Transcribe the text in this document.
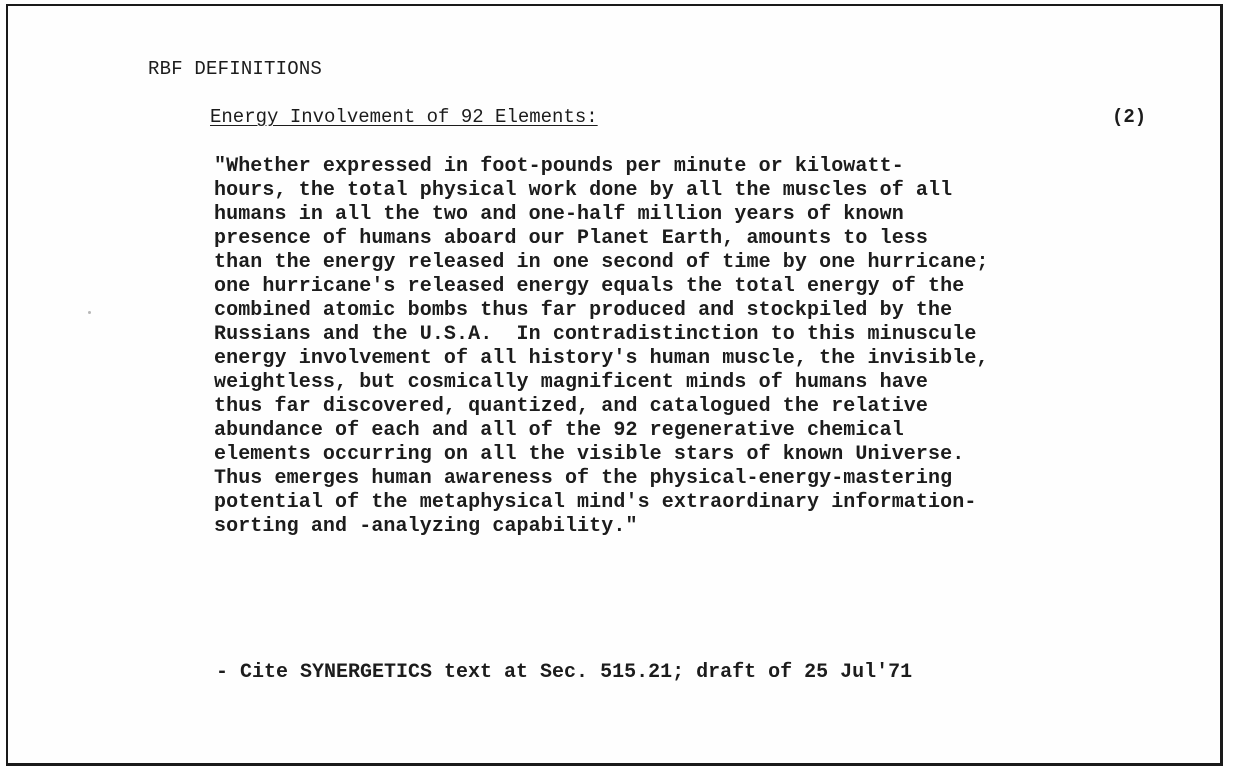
RBF DEFINITIONS
Energy Involvement of 92 Elements:	(2)
"Whether expressed in foot-pounds per minute or kilowatt-
hours, the total physical work done by all the muscles of all
humans in all the two and one-half million years of known
presence of humans aboard our Planet Earth, amounts to less
than the energy released in one second of time by one hurricane;
one hurricane's released energy equals the total energy of the
combined atomic bombs thus far produced and stockpiled by the
Russians and the U.S.A.  In contradistinction to this minuscule
energy involvement of all history's human muscle, the invisible,
weightless, but cosmically magnificent minds of humans have
thus far discovered, quantized, and catalogued the relative
abundance of each and all of the 92 regenerative chemical
elements occurring on all the visible stars of known Universe.
Thus emerges human awareness of the physical-energy-mastering
potential of the metaphysical mind's extraordinary information-
sorting and -analyzing capability."
- Cite SYNERGETICS text at Sec. 515.21; draft of 25 Jul'71
